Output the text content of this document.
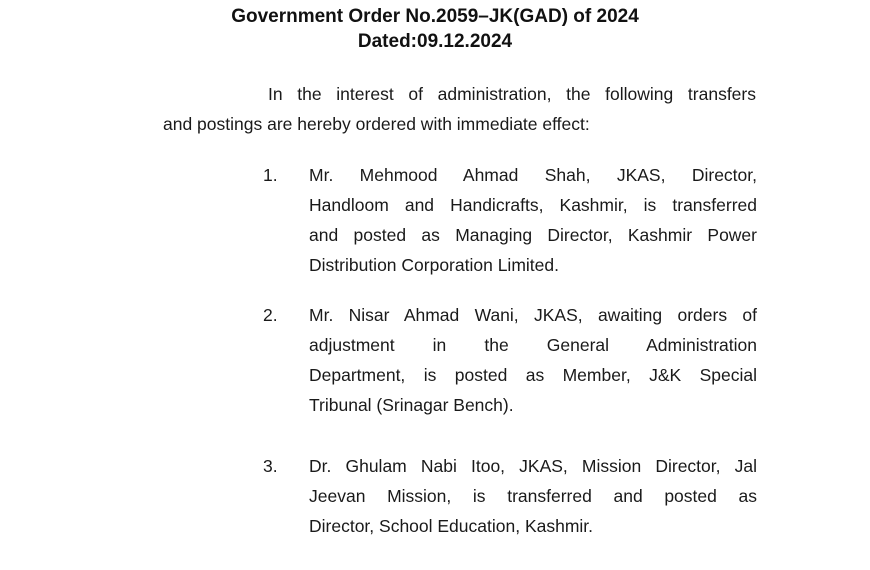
Government Order No.2059–JK(GAD) of 2024
Dated:09.12.2024
In the interest of administration, the following transfers
and postings are hereby ordered with immediate effect:
1. Mr. Mehmood Ahmad Shah, JKAS, Director,
Handloom and Handicrafts, Kashmir, is transferred
and posted as Managing Director, Kashmir Power
Distribution Corporation Limited.
2. Mr. Nisar Ahmad Wani, JKAS, awaiting orders of
adjustment in the General Administration
Department, is posted as Member, J&K Special
Tribunal (Srinagar Bench).
3. Dr. Ghulam Nabi Itoo, JKAS, Mission Director, Jal
Jeevan Mission, is transferred and posted as
Director, School Education, Kashmir.
